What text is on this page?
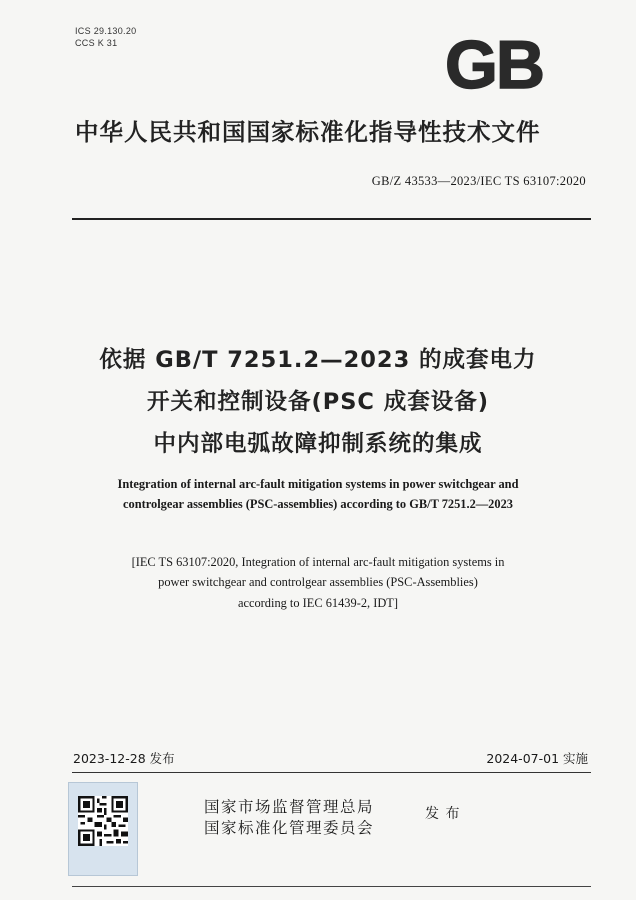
ICS 29.130.20
CCS K 31	GB
中华人民共和国国家标准化指导性技术文件
GB/Z 43533—2023/IEC TS 63107:2020
依据 GB/T 7251.2—2023 的成套电力
开关和控制设备(PSC 成套设备)
中内部电弧故障抑制系统的集成
Integration of internal arc-fault mitigation systems in power switchgear and
controlgear assemblies (PSC-assemblies) according to GB/T 7251.2—2023
[IEC TS 63107:2020, Integration of internal arc-fault mitigation systems in
power switchgear and controlgear assemblies (PSC-Assemblies)
according to IEC 61439-2, IDT]
2023-12-28 发布	2024-07-01 实施
国家市场监督管理总局
国家标准化管理委员会
发 布
